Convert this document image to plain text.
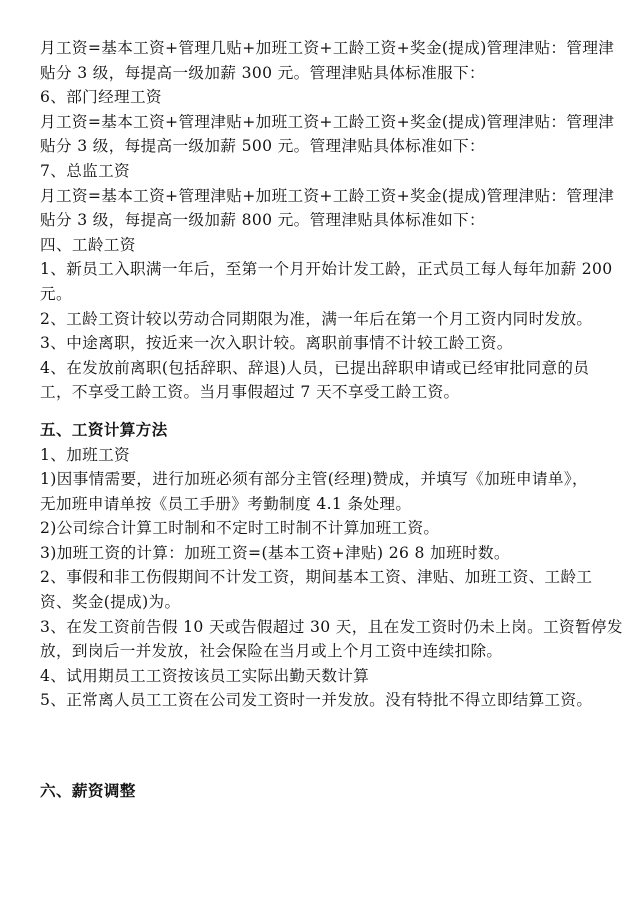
月工资=基本工资+管理几贴+加班工资+工龄工资+奖金(提成)管理津贴：管理津
贴分 3 级，每提高一级加薪 300 元。管理津贴具体标准服下：
6、部门经理工资
月工资=基本工资+管理津贴+加班工资+工龄工资+奖金(提成)管理津贴：管理津
贴分 3 级，每提高一级加薪 500 元。管理津贴具体标准如下：
7、总监工资
月工资=基本工资+管理津贴+加班工资+工龄工资+奖金(提成)管理津贴：管理津
贴分 3 级，每提高一级加薪 800 元。管理津贴具体标准如下：
四、工龄工资
1、新员工入职满一年后，至第一个月开始计发工龄，正式员工每人每年加薪 200
元。
2、工龄工资计较以劳动合同期限为准，满一年后在第一个月工资内同时发放。
3、中途离职，按近来一次入职计较。离职前事情不计较工龄工资。
4、在发放前离职(包括辞职、辞退)人员，已提出辞职申请或已经审批同意的员
工，不享受工龄工资。当月事假超过 7 天不享受工龄工资。
五、工资计算方法
1、加班工资
1)因事情需要，进行加班必须有部分主管(经理)赞成，并填写《加班申请单》，
无加班申请单按《员工手册》考勤制度 4.1 条处理。
2)公司综合计算工时制和不定时工时制不计算加班工资。
3)加班工资的计算：加班工资=(基本工资+津贴) 26 8 加班时数。
2、事假和非工伤假期间不计发工资，期间基本工资、津贴、加班工资、工龄工
资、奖金(提成)为。
3、在发工资前告假 10 天或告假超过 30 天，且在发工资时仍未上岗。工资暂停发
放，到岗后一并发放，社会保险在当月或上个月工资中连续扣除。
4、试用期员工工资按该员工实际出勤天数计算
5、正常离人员工工资在公司发工资时一并发放。没有特批不得立即结算工资。
六、薪资调整
